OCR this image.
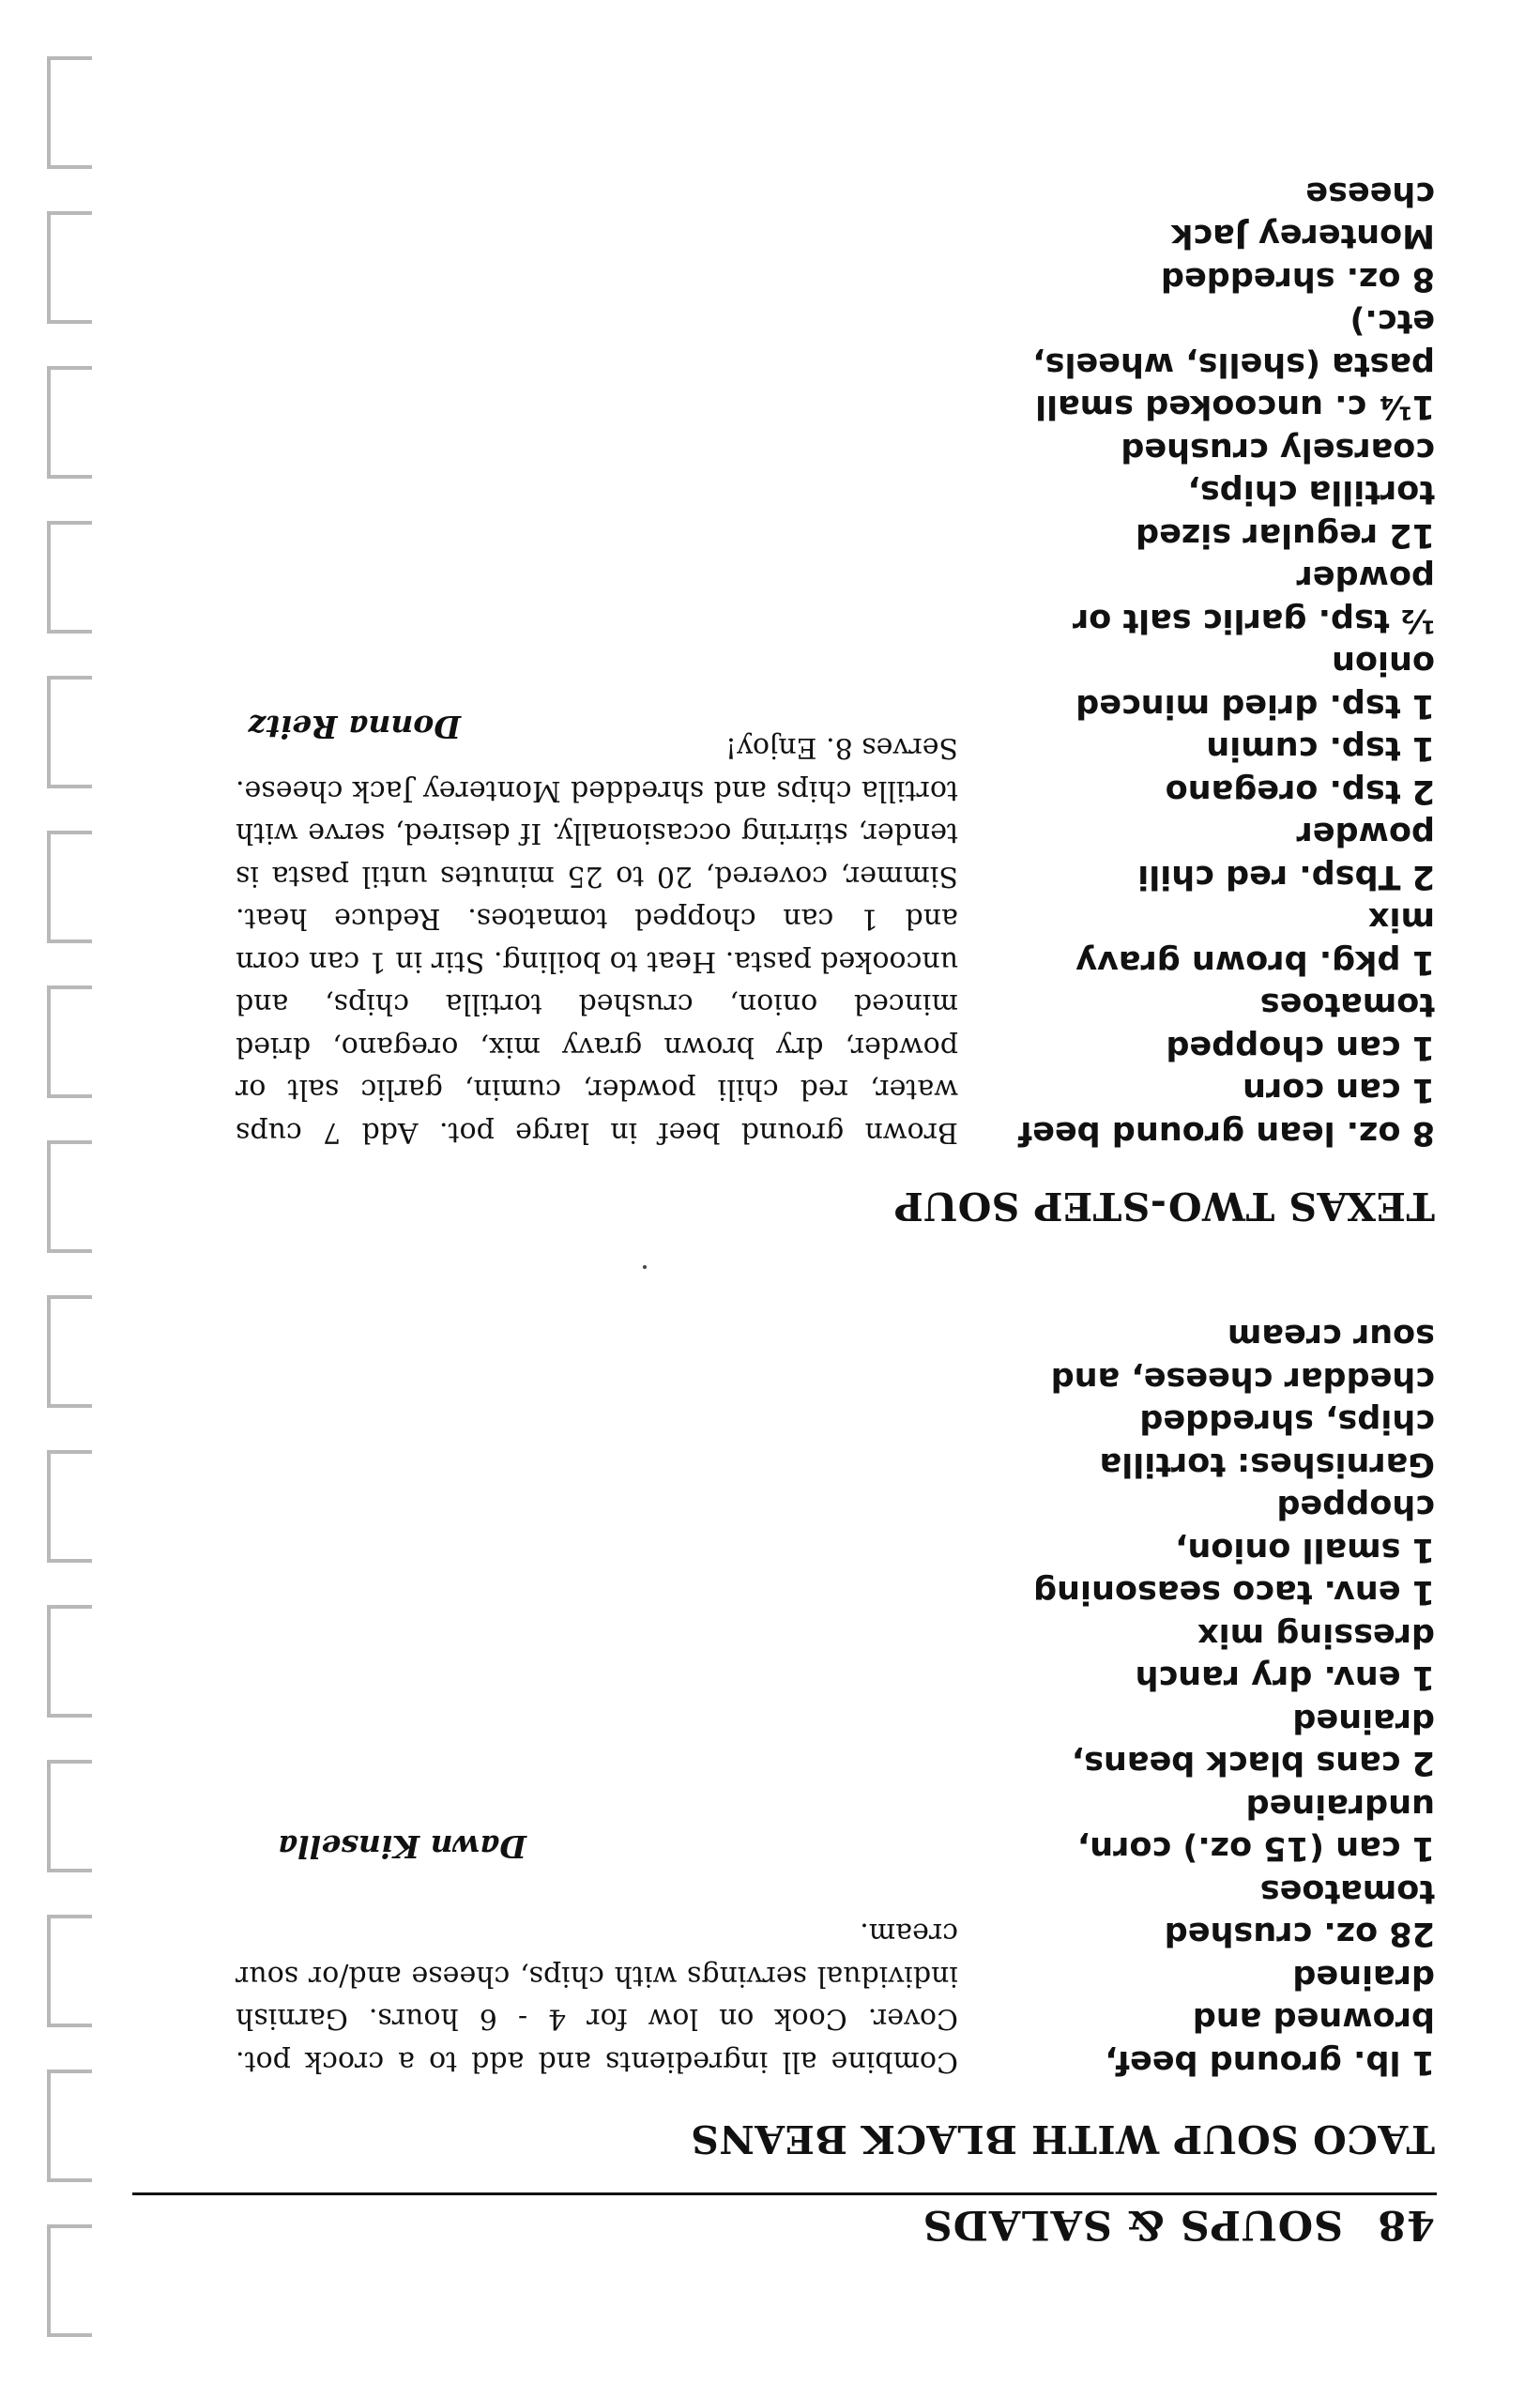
48SOUPS & SALADS
TACO SOUP WITH BLACK BEANS
1 lb. ground beef,
browned and
drained
28 oz. crushed
tomatoes
1 can (15 oz.) corn,
undrained
2 cans black beans,
drained
1 env. dry ranch
dressing mix
1 env. taco seasoning
1 small onion,
chopped
Garnishes: tortilla
chips, shredded
cheddar cheese, and
sour cream

Combine all ingredients and add to a crock pot. Cover. Cook on low for 4 - 6 hours. Garnish individual servings with chips, cheese and/or sour cream.

Dawn Kinsella
TEXAS TWO-STEP SOUP
8 oz. lean ground beef
1 can corn
1 can chopped
tomatoes
1 pkg. brown gravy
mix
2 Tbsp. red chili
powder
2 tsp. oregano
1 tsp. cumin
1 tsp. dried minced
onion
½ tsp. garlic salt or
powder
12 regular sized
tortilla chips,
coarsely crushed
1¼ c. uncooked small
pasta (shells, wheels,
etc.)
8 oz. shredded
Monterey Jack
cheese

Brown ground beef in large pot. Add 7 cups water, red chili powder, cumin, garlic salt or powder, dry brown gravy mix, oregano, dried minced onion, crushed tortilla chips, and uncooked pasta. Heat to boiling. Stir in 1 can corn and 1 can chopped tomatoes. Reduce heat. Simmer, covered, 20 to 25 minutes until pasta is tender, stirring occasionally. If desired, serve with tortilla chips and shredded Monterey Jack cheese. Serves 8. Enjoy!

Donna Reitz
